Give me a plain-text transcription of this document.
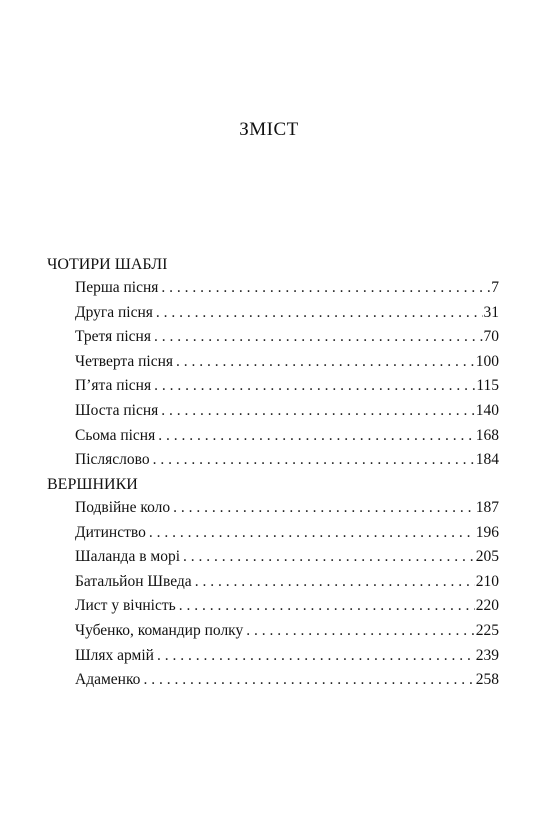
ЗМІСТ
ЧОТИРИ ШАБЛІ
Перша пісня . . .	7
Друга пісня . . .	31
Третя пісня . . .	70
Четверта пісня . . .	100
П’ята пісня . . .	115
Шоста пісня . . .	140
Сьома пісня . . .	168
Післяслово . . .	184
ВЕРШНИКИ
Подвійне коло . . .	187
Дитинство . . .	196
Шаланда в морі . . .	205
Батальйон Шведа . . .	210
Лист у вічність . . .	220
Чубенко, командир полку . . .	225
Шлях армій . . .	239
Адаменко . . .	258
